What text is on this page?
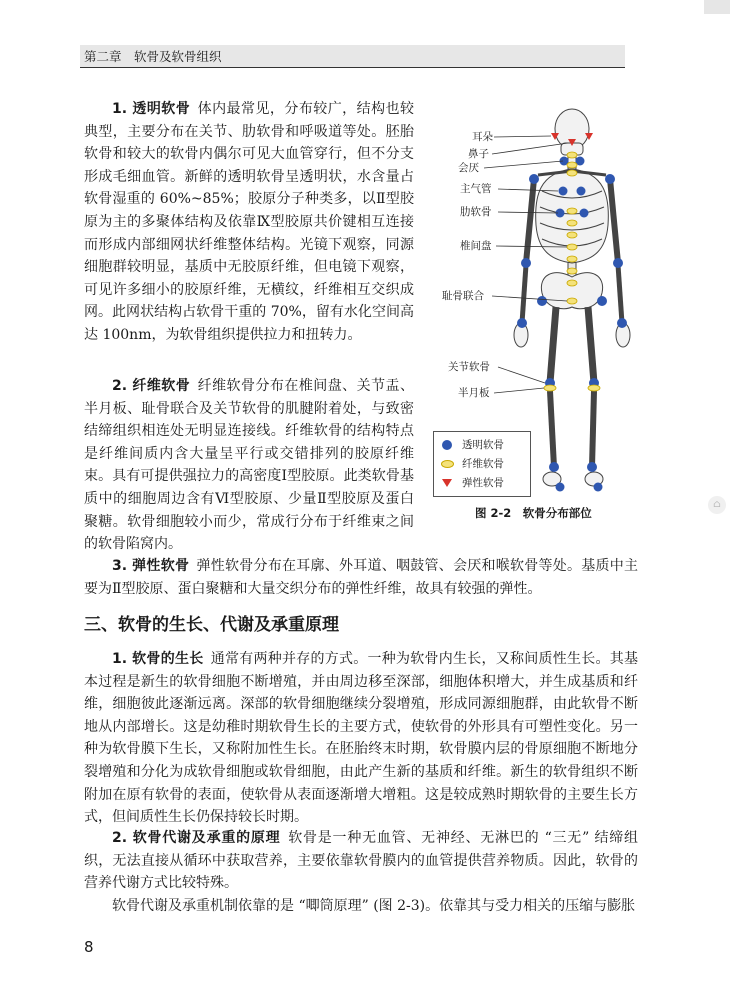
第二章　软骨及软骨组织

1. 透明软骨  体内最常见，分布较广，结构也较典型，主要分布在关节、肋软骨和呼吸道等处。胚胎软骨和较大的软骨内偶尔可见大血管穿行，但不分支形成毛细血管。新鲜的透明软骨呈透明状，水含量占软骨湿重的 60%~85%；胶原分子种类多，以Ⅱ型胶原为主的多聚体结构及依靠Ⅸ型胶原共价键相互连接而形成内部细网状纤维整体结构。光镜下观察，同源细胞群较明显，基质中无胶原纤维，但电镜下观察，可见许多细小的胶原纤维，无横纹，纤维相互交织成网。此网状结构占软骨干重的 70%，留有水化空间高达 100nm，为软骨组织提供拉力和扭转力。

2. 纤维软骨  纤维软骨分布在椎间盘、关节盂、半月板、耻骨联合及关节软骨的肌腱附着处，与致密结缔组织相连处无明显连接线。纤维软骨的结构特点是纤维间质内含大量呈平行或交错排列的胶原纤维束。具有可提供强拉力的高密度Ⅰ型胶原。此类软骨基质中的细胞周边含有Ⅵ型胶原、少量Ⅱ型胶原及蛋白聚糖。软骨细胞较小而少，常成行分布于纤维束之间的软骨陷窝内。

3. 弹性软骨  弹性软骨分布在耳廓、外耳道、咽鼓管、会厌和喉软骨等处。基质中主要为Ⅱ型胶原、蛋白聚糖和大量交织分布的弹性纤维，故具有较强的弹性。

三、软骨的生长、代谢及承重原理

1. 软骨的生长  通常有两种并存的方式。一种为软骨内生长，又称间质性生长。其基本过程是新生的软骨细胞不断增殖，并由周边移至深部，细胞体积增大，并生成基质和纤维，细胞彼此逐渐远离。深部的软骨细胞继续分裂增殖，形成同源细胞群，由此软骨不断地从内部增长。这是幼稚时期软骨生长的主要方式，使软骨的外形具有可塑性变化。另一种为软骨膜下生长，又称附加性生长。在胚胎终末时期，软骨膜内层的骨原细胞不断地分裂增殖和分化为成软骨细胞或软骨细胞，由此产生新的基质和纤维。新生的软骨组织不断附加在原有软骨的表面，使软骨从表面逐渐增大增粗。这是较成熟时期软骨的主要生长方式，但间质性生长仍保持较长时期。

2. 软骨代谢及承重的原理  软骨是一种无血管、无神经、无淋巴的 “三无” 结缔组织，无法直接从循环中获取营养，主要依靠软骨膜内的血管提供营养物质。因此，软骨的营养代谢方式比较特殊。

软骨代谢及承重机制依靠的是 “唧筒原理” (图 2-3)。依靠其与受力相关的压缩与膨胀

耳朵
鼻子
会厌
主气管
肋软骨
椎间盘
耻骨联合
关节软骨
半月板
透明软骨
纤维软骨
弹性软骨
图 2-2　软骨分布部位
⌂
8
